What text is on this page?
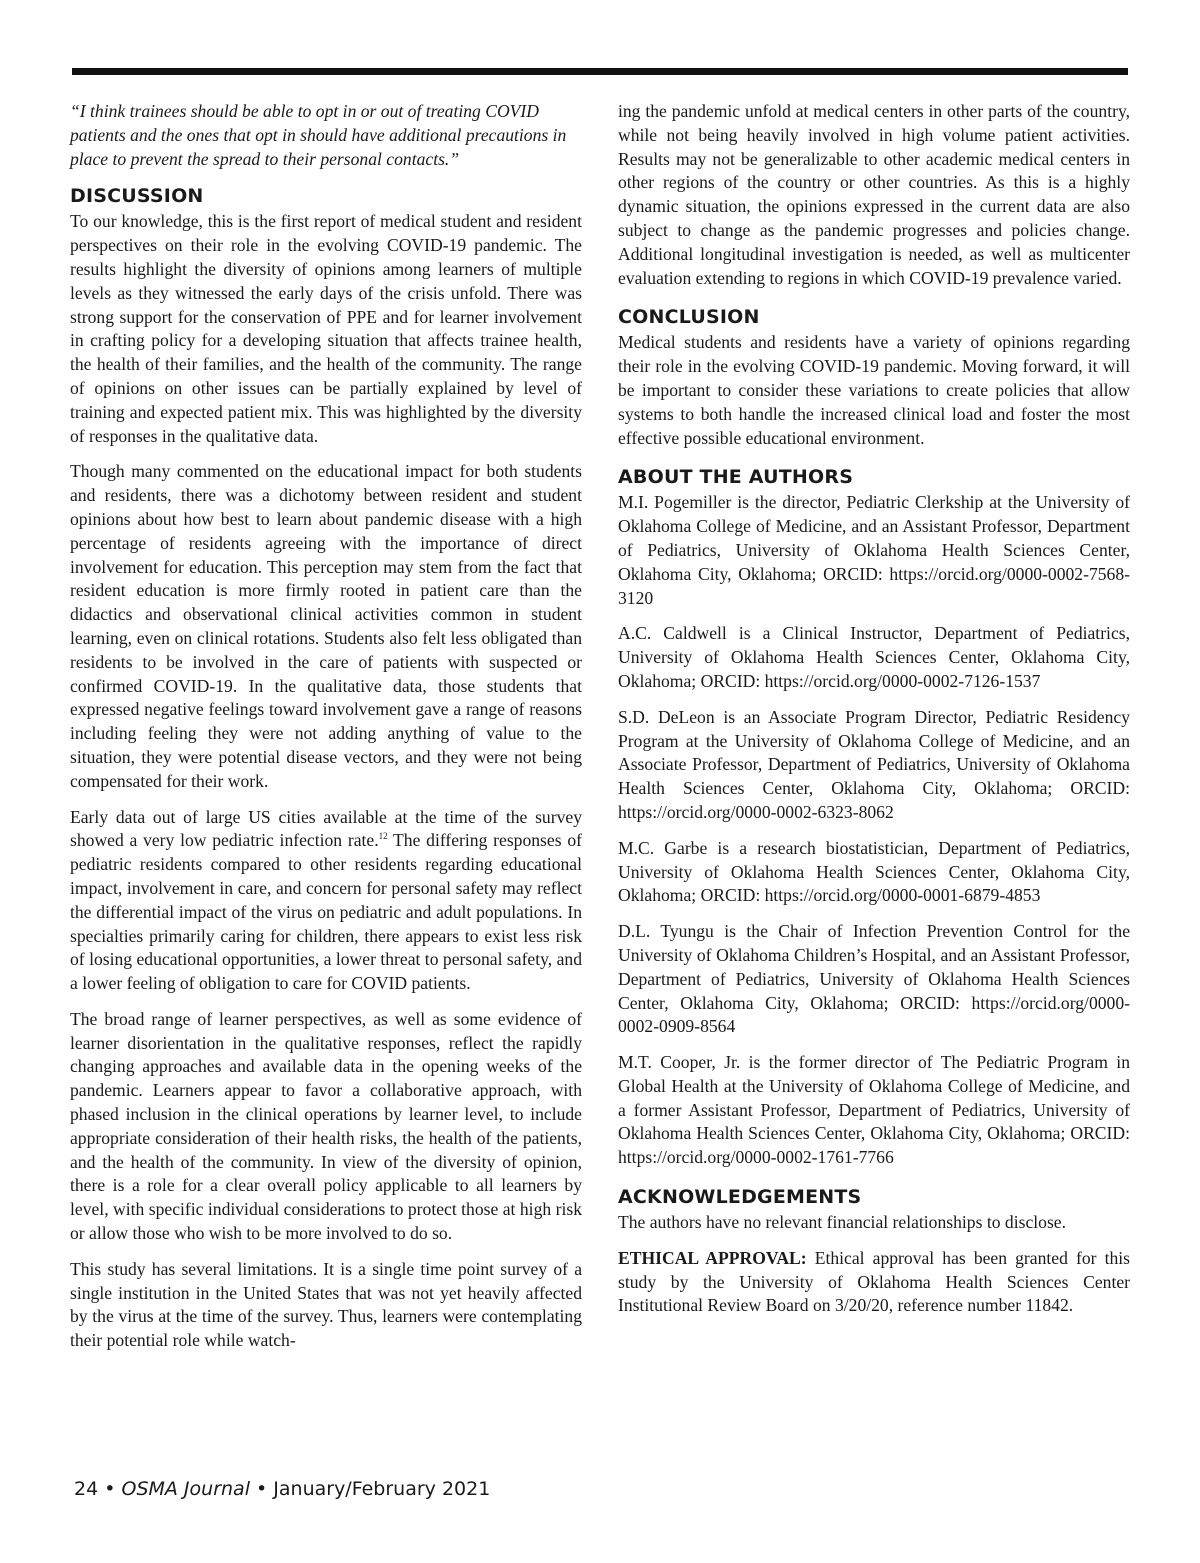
“I think trainees should be able to opt in or out of treating COVID patients and the ones that opt in should have additional precautions in place to prevent the spread to their personal contacts.”

DISCUSSION

To our knowledge, this is the first report of medical student and resident perspectives on their role in the evolving COVID-19 pandemic. The results highlight the diversity of opinions among learners of multiple levels as they witnessed the early days of the crisis unfold. There was strong support for the conservation of PPE and for learner involvement in crafting policy for a developing situation that affects trainee health, the health of their families, and the health of the community. The range of opinions on other issues can be partially explained by level of training and expected patient mix. This was highlighted by the diversity of responses in the qualitative data.

Though many commented on the educational impact for both students and residents, there was a dichotomy between resident and student opinions about how best to learn about pandemic disease with a high percentage of residents agreeing with the importance of direct involvement for education. This perception may stem from the fact that resident education is more firmly rooted in patient care than the didactics and observational clinical activities common in student learning, even on clinical rotations. Students also felt less obligated than residents to be involved in the care of patients with suspected or confirmed COVID-19. In the qualitative data, those students that expressed negative feelings toward involvement gave a range of reasons including feeling they were not adding anything of value to the situation, they were potential disease vectors, and they were not being compensated for their work.

Early data out of large US cities available at the time of the survey showed a very low pediatric infection rate.$^{12}$ The differing responses of pediatric residents compared to other residents regarding educational impact, involvement in care, and concern for personal safety may reflect the differential impact of the virus on pediatric and adult populations. In specialties primarily caring for children, there appears to exist less risk of losing educational opportunities, a lower threat to personal safety, and a lower feeling of obligation to care for COVID patients.

The broad range of learner perspectives, as well as some evidence of learner disorientation in the qualitative responses, reflect the rapidly changing approaches and available data in the opening weeks of the pandemic. Learners appear to favor a collaborative approach, with phased inclusion in the clinical operations by learner level, to include appropriate consideration of their health risks, the health of the patients, and the health of the community. In view of the diversity of opinion, there is a role for a clear overall policy applicable to all learners by level, with specific individual considerations to protect those at high risk or allow those who wish to be more involved to do so.

This study has several limitations. It is a single time point survey of a single institution in the United States that was not yet heavily affected by the virus at the time of the survey. Thus, learners were contemplating their potential role while watch-

ing the pandemic unfold at medical centers in other parts of the country, while not being heavily involved in high volume patient activities. Results may not be generalizable to other academic medical centers in other regions of the country or other countries. As this is a highly dynamic situation, the opinions expressed in the current data are also subject to change as the pandemic progresses and policies change. Additional longitudinal investigation is needed, as well as multicenter evaluation extending to regions in which COVID-19 prevalence varied.

CONCLUSION

Medical students and residents have a variety of opinions regarding their role in the evolving COVID-19 pandemic. Moving forward, it will be important to consider these variations to create policies that allow systems to both handle the increased clinical load and foster the most effective possible educational environment.

ABOUT THE AUTHORS

M.I. Pogemiller is the director, Pediatric Clerkship at the University of Oklahoma College of Medicine, and an Assistant Professor, Department of Pediatrics, University of Oklahoma Health Sciences Center, Oklahoma City, Oklahoma; ORCID: https://orcid.org/0000-0002-7568-3120

A.C. Caldwell is a Clinical Instructor, Department of Pediatrics, University of Oklahoma Health Sciences Center, Oklahoma City, Oklahoma; ORCID: https://orcid.org/0000-0002-7126-1537

S.D. DeLeon is an Associate Program Director, Pediatric Residency Program at the University of Oklahoma College of Medicine, and an Associate Professor, Department of Pediatrics, University of Oklahoma Health Sciences Center, Oklahoma City, Oklahoma; ORCID: https://orcid.org/0000-0002-6323-8062

M.C. Garbe is a research biostatistician, Department of Pediatrics, University of Oklahoma Health Sciences Center, Oklahoma City, Oklahoma; ORCID: https://orcid.org/0000-0001-6879-4853

D.L. Tyungu is the Chair of Infection Prevention Control for the University of Oklahoma Children’s Hospital, and an Assistant Professor, Department of Pediatrics, University of Oklahoma Health Sciences Center, Oklahoma City, Oklahoma; ORCID: https://orcid.org/0000-0002-0909-8564

M.T. Cooper, Jr. is the former director of The Pediatric Program in Global Health at the University of Oklahoma College of Medicine, and a former Assistant Professor, Department of Pediatrics, University of Oklahoma Health Sciences Center, Oklahoma City, Oklahoma; ORCID: https://orcid.org/0000-0002-1761-7766

ACKNOWLEDGEMENTS

The authors have no relevant financial relationships to disclose.

ETHICAL APPROVAL: Ethical approval has been granted for this study by the University of Oklahoma Health Sciences Center Institutional Review Board on 3/20/20, reference number 11842.

24 • OSMA Journal • January/February 2021
